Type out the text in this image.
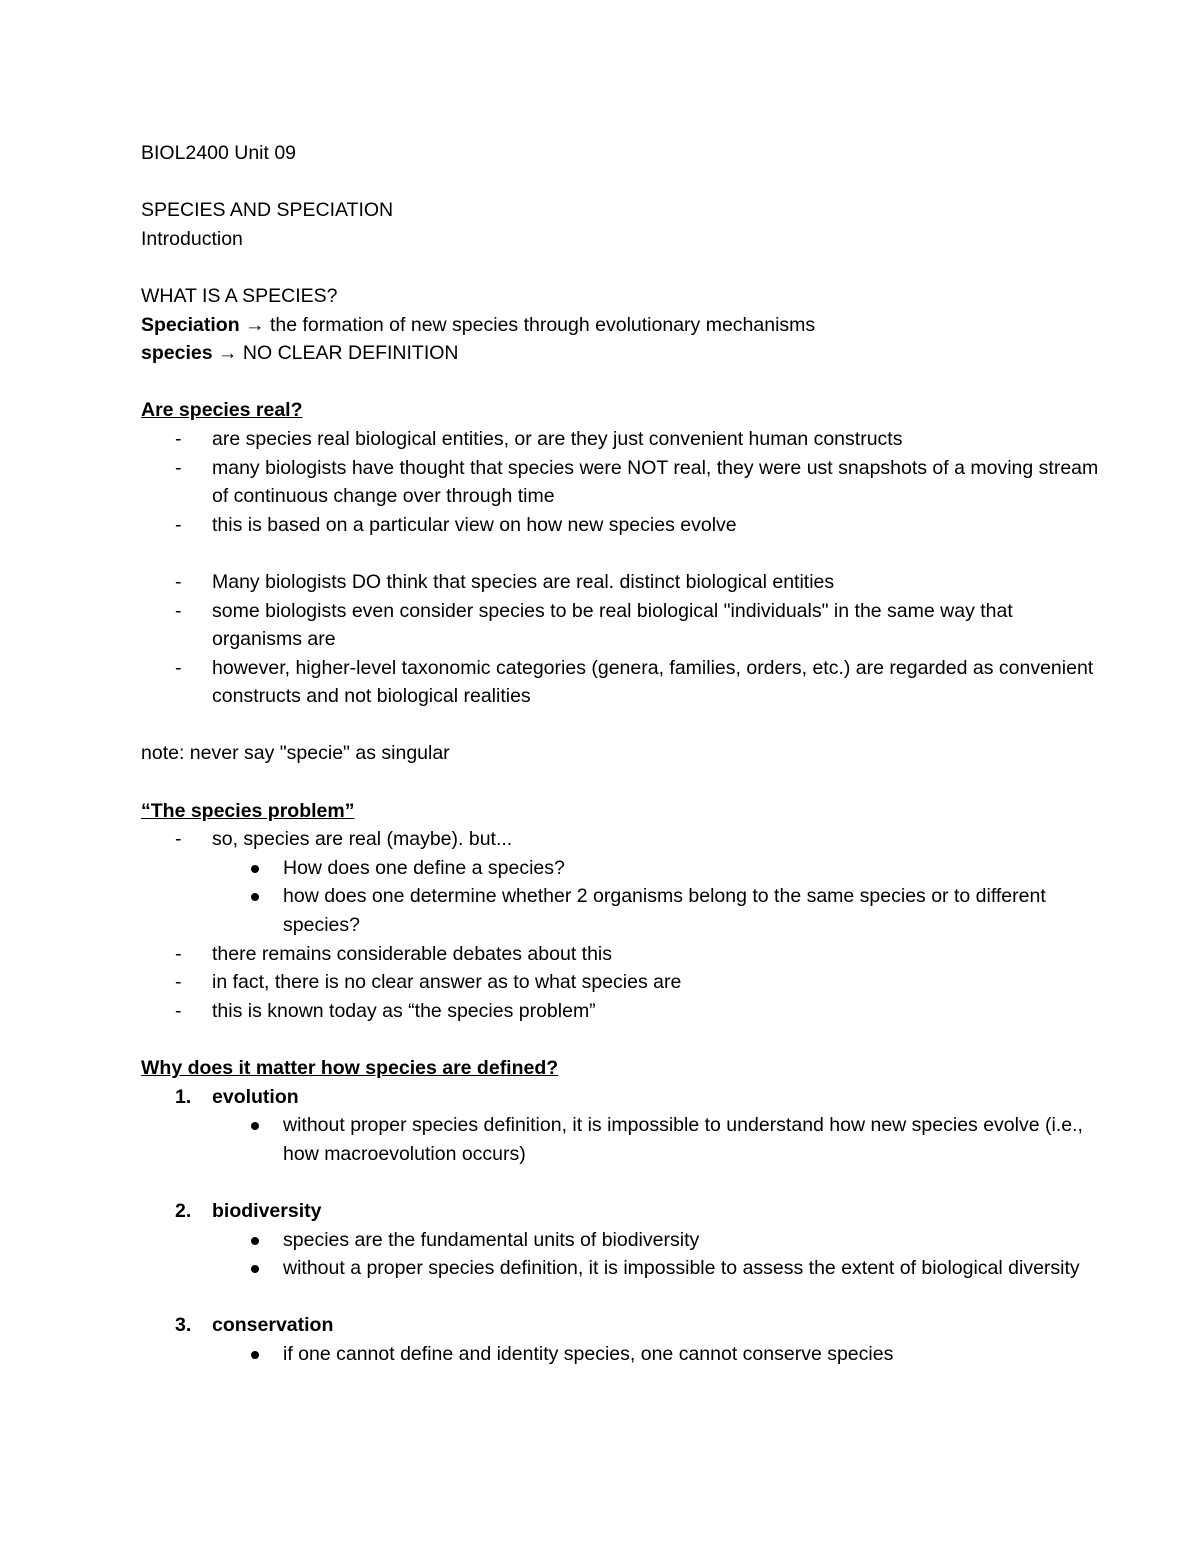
BIOL2400 Unit 09
SPECIES AND SPECIATION
Introduction
WHAT IS A SPECIES?
Speciation → the formation of new species through evolutionary mechanisms
species → NO CLEAR DEFINITION
Are species real?
- are species real biological entities, or are they just convenient human constructs
- many biologists have thought that species were NOT real, they were ust snapshots of a moving stream of continuous change over through time
- this is based on a particular view on how new species evolve
- Many biologists DO think that species are real. distinct biological entities
- some biologists even consider species to be real biological "individuals" in the same way that organisms are
- however, higher-level taxonomic categories (genera, families, orders, etc.) are regarded as convenient constructs and not biological realities
note: never say "specie" as singular
“The species problem”
- so, species are real (maybe). but...
How does one define a species?
how does one determine whether 2 organisms belong to the same species or to different species?
- there remains considerable debates about this
- in fact, there is no clear answer as to what species are
- this is known today as “the species problem”
Why does it matter how species are defined?
1. evolution
without proper species definition, it is impossible to understand how new species evolve (i.e., how macroevolution occurs)
2. biodiversity
species are the fundamental units of biodiversity
without a proper species definition, it is impossible to assess the extent of biological diversity
3. conservation
if one cannot define and identity species, one cannot conserve species
